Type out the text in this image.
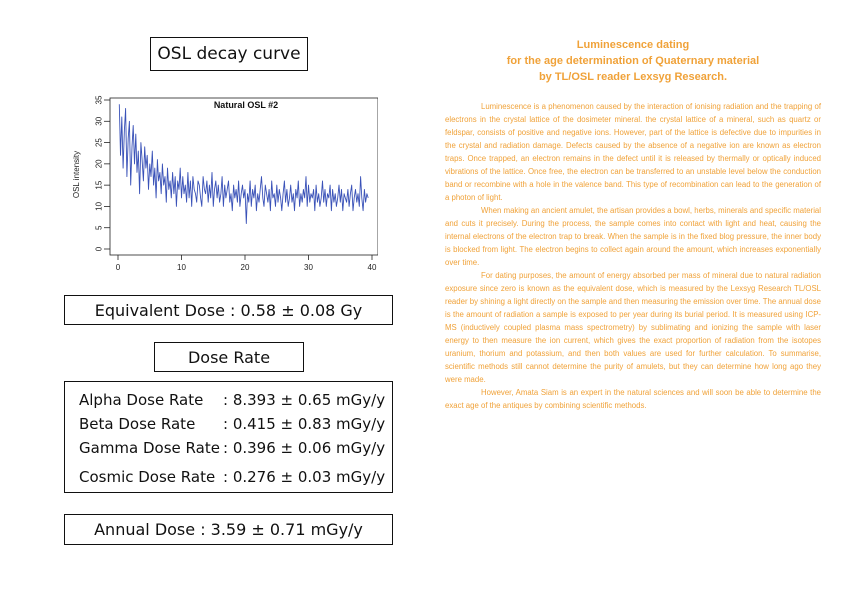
OSL decay curve
0
5
10
15
20
25
30
35
0	10	20	30	40
Natural OSL #2
OSL intensity
Equivalent Dose : 0.58 ± 0.08 Gy
Dose Rate
Alpha Dose Rate : 8.393 ± 0.65 mGy/y
Beta Dose Rate : 0.415 ± 0.83 mGy/y
Gamma Dose Rate : 0.396 ± 0.06 mGy/y
Cosmic Dose Rate : 0.276 ± 0.03 mGy/y
Annual Dose : 3.59 ± 0.71 mGy/y
Luminescence dating
for the age determination of Quaternary material
by TL/OSL reader Lexsyg Research.

Luminescence is a phenomenon caused by the interaction of ionising radiation and the trapping of electrons in the crystal lattice of the dosimeter mineral. the crystal lattice of a mineral, such as quartz or feldspar, consists of positive and negative ions. However, part of the lattice is defective due to impurities in the crystal and radiation damage. Defects caused by the absence of a negative ion are known as electron traps. Once trapped, an electron remains in the defect until it is released by thermally or optically induced vibrations of the lattice. Once free, the electron can be transferred to an unstable level below the conduction band or recombine with a hole in the valence band. This type of recombination can lead to the generation of a photon of light.

When making an ancient amulet, the artisan provides a bowl, herbs, minerals and specific material and cuts it precisely. During the process, the sample comes into contact with light and heat, causing the internal electrons of the electron trap to break. When the sample is in the fixed blog pressure, the inner body is blocked from light. The electron begins to collect again around the amount, which increases exponentially over time.

For dating purposes, the amount of energy absorbed per mass of mineral due to natural radiation exposure since zero is known as the equivalent dose, which is measured by the Lexsyg Research TL/OSL reader by shining a light directly on the sample and then measuring the emission over time. The annual dose is the amount of radiation a sample is exposed to per year during its burial period. It is measured using ICP-MS (inductively coupled plasma mass spectrometry) by sublimating and ionizing the sample with laser energy to then measure the ion current, which gives the exact proportion of radiation from the isotopes uranium, thorium and potassium, and then both values are used for further calculation. To summarise, scientific methods still cannot determine the purity of amulets, but they can determine how long ago they were made.

However, Amata Siam is an expert in the natural sciences and will soon be able to determine the exact age of the antiques by combining scientific methods.
